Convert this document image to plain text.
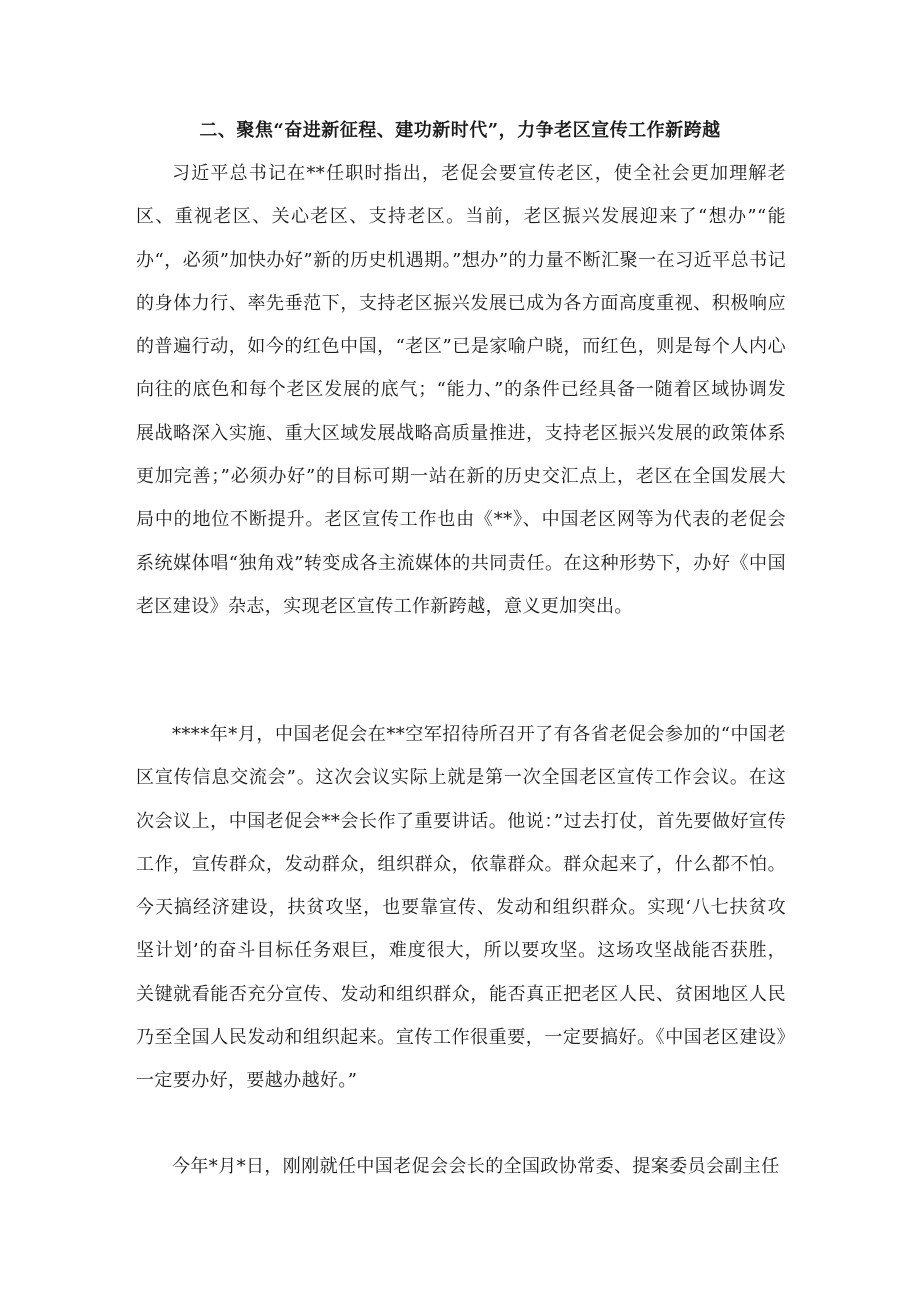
二、聚焦“奋进新征程、建功新时代”，力争老区宣传工作新跨越

习近平总书记在**任职时指出，老促会要宣传老区，使全社会更加理解老区、重视老区、关心老区、支持老区。当前，老区振兴发展迎来了“想办”“能办“，必须”加快办好”新的历史机遇期。”想办”的力量不断汇聚一在习近平总书记的身体力行、率先垂范下，支持老区振兴发展已成为各方面高度重视、积极响应的普遍行动，如今的红色中国，“老区”已是家喻户晓，而红色，则是每个人内心向往的底色和每个老区发展的底气；“能力、”的条件已经具备一随着区域协调发展战略深入实施、重大区域发展战略高质量推进，支持老区振兴发展的政策体系更加完善；”必须办好”的目标可期一站在新的历史交汇点上，老区在全国发展大局中的地位不断提升。老区宣传工作也由《**》、中国老区网等为代表的老促会系统媒体唱“独角戏”转变成各主流媒体的共同责任。在这种形势下，办好《中国老区建设》杂志，实现老区宣传工作新跨越，意义更加突出。

****年*月，中国老促会在**空军招待所召开了有各省老促会参加的“中国老区宣传信息交流会”。这次会议实际上就是第一次全国老区宣传工作会议。在这次会议上，中国老促会**会长作了重要讲话。他说：”过去打仗，首先要做好宣传工作，宣传群众，发动群众，组织群众，依靠群众。群众起来了，什么都不怕。今天搞经济建设，扶贫攻坚，也要靠宣传、发动和组织群众。实现‘八七扶贫攻坚计划’的奋斗目标任务艰巨，难度很大，所以要攻坚。这场攻坚战能否获胜，关键就看能否充分宣传、发动和组织群众，能否真正把老区人民、贫困地区人民乃至全国人民发动和组织起来。宣传工作很重要，一定要搞好。《中国老区建设》一定要办好，要越办越好。”

今年*月*日，刚刚就任中国老促会会长的全国政协常委、提案委员会副主任
